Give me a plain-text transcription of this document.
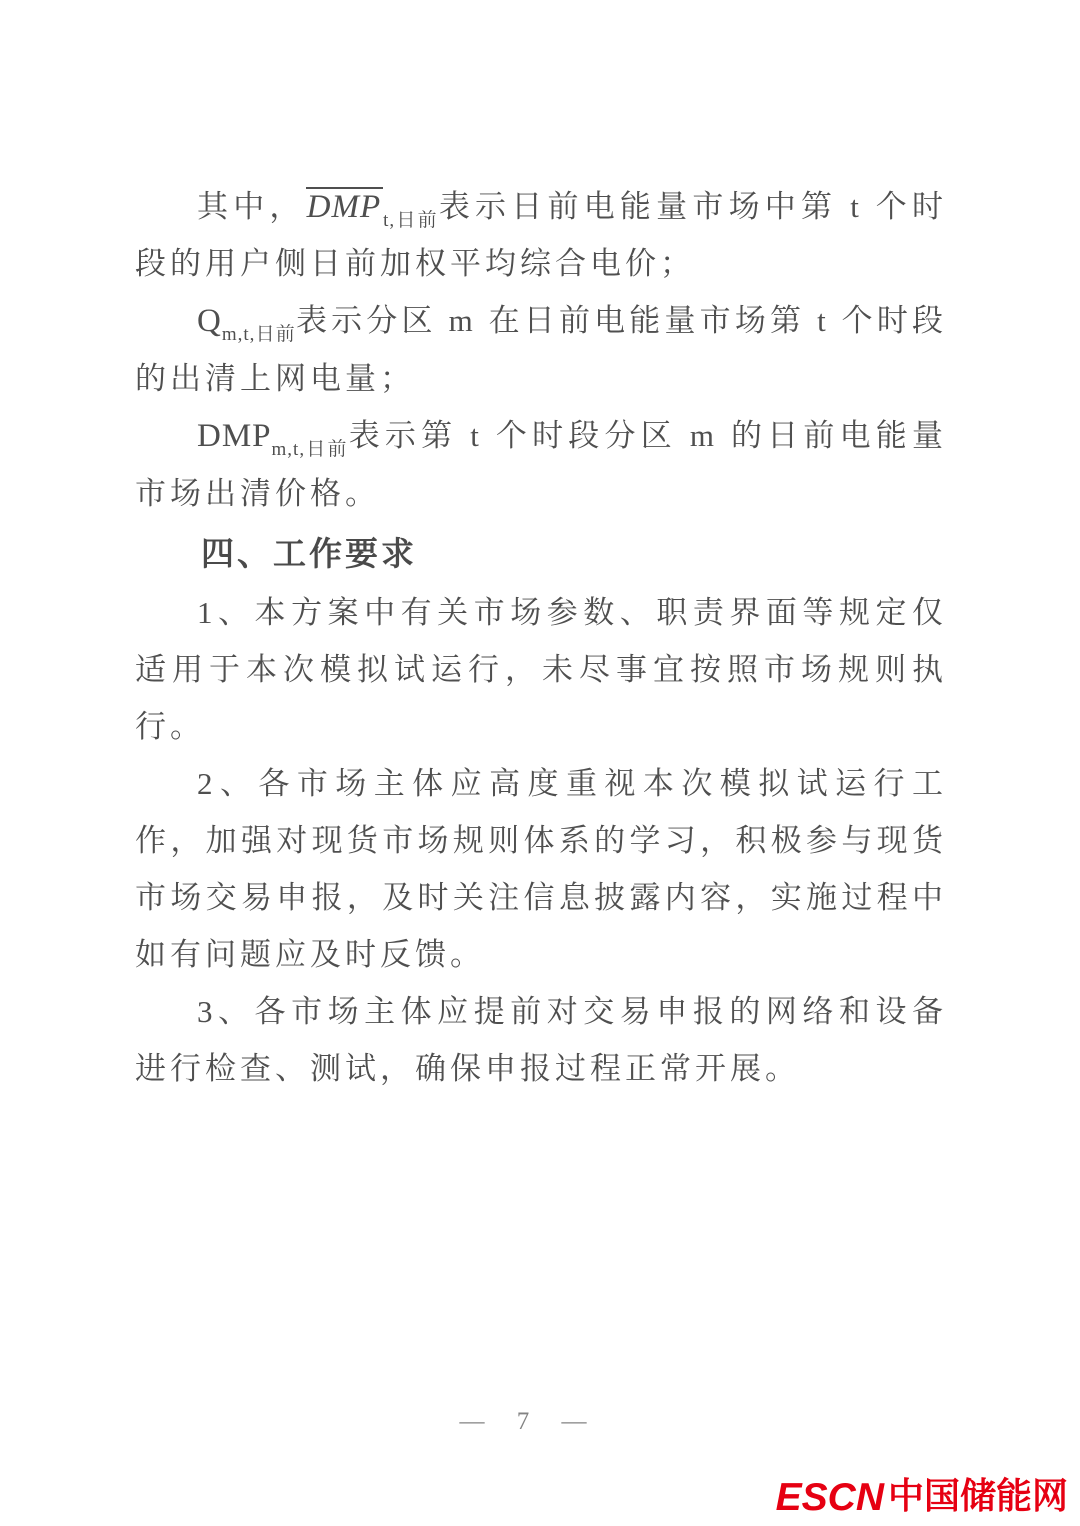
其中，DMP $_{t,日前}$表示日前电能量市场中第 t 个时段的用户侧日前加权平均综合电价；

$Q_{m,t,日前}$表示分区 m 在日前电能量市场第 t 个时段的出清上网电量；

$DMP_{m,t,日前}$表示第 t 个时段分区 m 的日前电能量市场出清价格。

四、工作要求

1、本方案中有关市场参数、职责界面等规定仅适用于本次模拟试运行，未尽事宜按照市场规则执行。

2、各市场主体应高度重视本次模拟试运行工作，加强对现货市场规则体系的学习，积极参与现货市场交易申报，及时关注信息披露内容，实施过程中如有问题应及时反馈。

3、各市场主体应提前对交易申报的网络和设备进行检查、测试，确保申报过程正常开展。

— 7 —
ESCN 中国储能网
